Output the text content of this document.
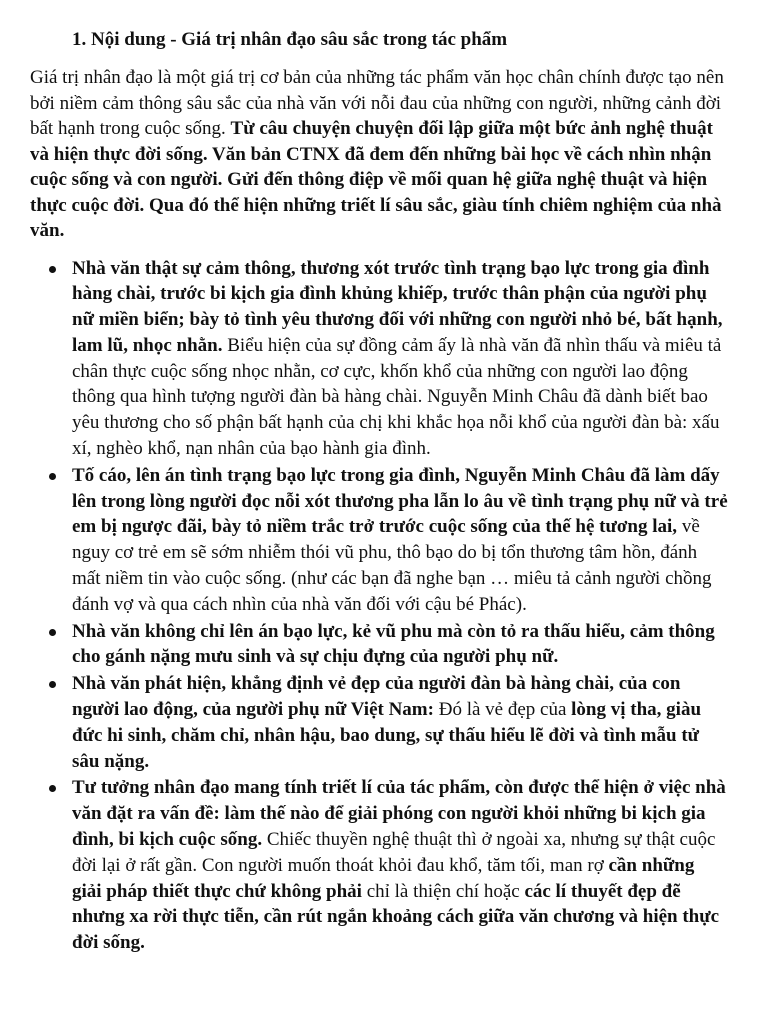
1. Nội dung - Giá trị nhân đạo sâu sắc trong tác phẩm

Giá trị nhân đạo là một giá trị cơ bản của những tác phẩm văn học chân chính được tạo nên bởi niềm cảm thông sâu sắc của nhà văn với nỗi đau của những con người, những cảnh đời bất hạnh trong cuộc sống. Từ câu chuyện chuyện đối lập giữa một bức ảnh nghệ thuật và hiện thực đời sống. Văn bản CTNX đã đem đến những bài học về cách nhìn nhận cuộc sống và con người. Gửi đến thông điệp về mối quan hệ giữa nghệ thuật và hiện thực cuộc đời. Qua đó thể hiện những triết lí sâu sắc, giàu tính chiêm nghiệm của nhà văn.

Nhà văn thật sự cảm thông, thương xót trước tình trạng bạo lực trong gia đình hàng chài, trước bi kịch gia đình khủng khiếp, trước thân phận của người phụ nữ miền biển; bày tỏ tình yêu thương đối với những con người nhỏ bé, bất hạnh, lam lũ, nhọc nhằn. Biểu hiện của sự đồng cảm ấy là nhà văn đã nhìn thấu và miêu tả chân thực cuộc sống nhọc nhằn, cơ cực, khốn khổ của những con người lao động thông qua hình tượng người đàn bà hàng chài. Nguyễn Minh Châu đã dành biết bao yêu thương cho số phận bất hạnh của chị khi khắc họa nỗi khổ của người đàn bà: xấu xí, nghèo khổ, nạn nhân của bạo hành gia đình.
Tố cáo, lên án tình trạng bạo lực trong gia đình, Nguyễn Minh Châu đã làm dấy lên trong lòng người đọc nỗi xót thương pha lẫn lo âu về tình trạng phụ nữ và trẻ em bị ngược đãi, bày tỏ niềm trắc trở trước cuộc sống của thế hệ tương lai, về nguy cơ trẻ em sẽ sớm nhiễm thói vũ phu, thô bạo do bị tổn thương tâm hồn, đánh mất niềm tin vào cuộc sống. (như các bạn đã nghe bạn … miêu tả cảnh người chồng đánh vợ và qua cách nhìn của nhà văn đối với cậu bé Phác).
Nhà văn không chỉ lên án bạo lực, kẻ vũ phu mà còn tỏ ra thấu hiểu, cảm thông cho gánh nặng mưu sinh và sự chịu đựng của người phụ nữ.
Nhà văn phát hiện, khẳng định vẻ đẹp của người đàn bà hàng chài, của con người lao động, của người phụ nữ Việt Nam: Đó là vẻ đẹp của lòng vị tha, giàu đức hi sinh, chăm chỉ, nhân hậu, bao dung, sự thấu hiểu lẽ đời và tình mẫu tử sâu nặng.
Tư tưởng nhân đạo mang tính triết lí của tác phẩm, còn được thể hiện ở việc nhà văn đặt ra vấn đề: làm thế nào để giải phóng con người khỏi những bi kịch gia đình, bi kịch cuộc sống. Chiếc thuyền nghệ thuật thì ở ngoài xa, nhưng sự thật cuộc đời lại ở rất gần. Con người muốn thoát khỏi đau khổ, tăm tối, man rợ cần những giải pháp thiết thực chứ không phải chỉ là thiện chí hoặc các lí thuyết đẹp đẽ nhưng xa rời thực tiễn, cần rút ngắn khoảng cách giữa văn chương và hiện thực đời sống.
